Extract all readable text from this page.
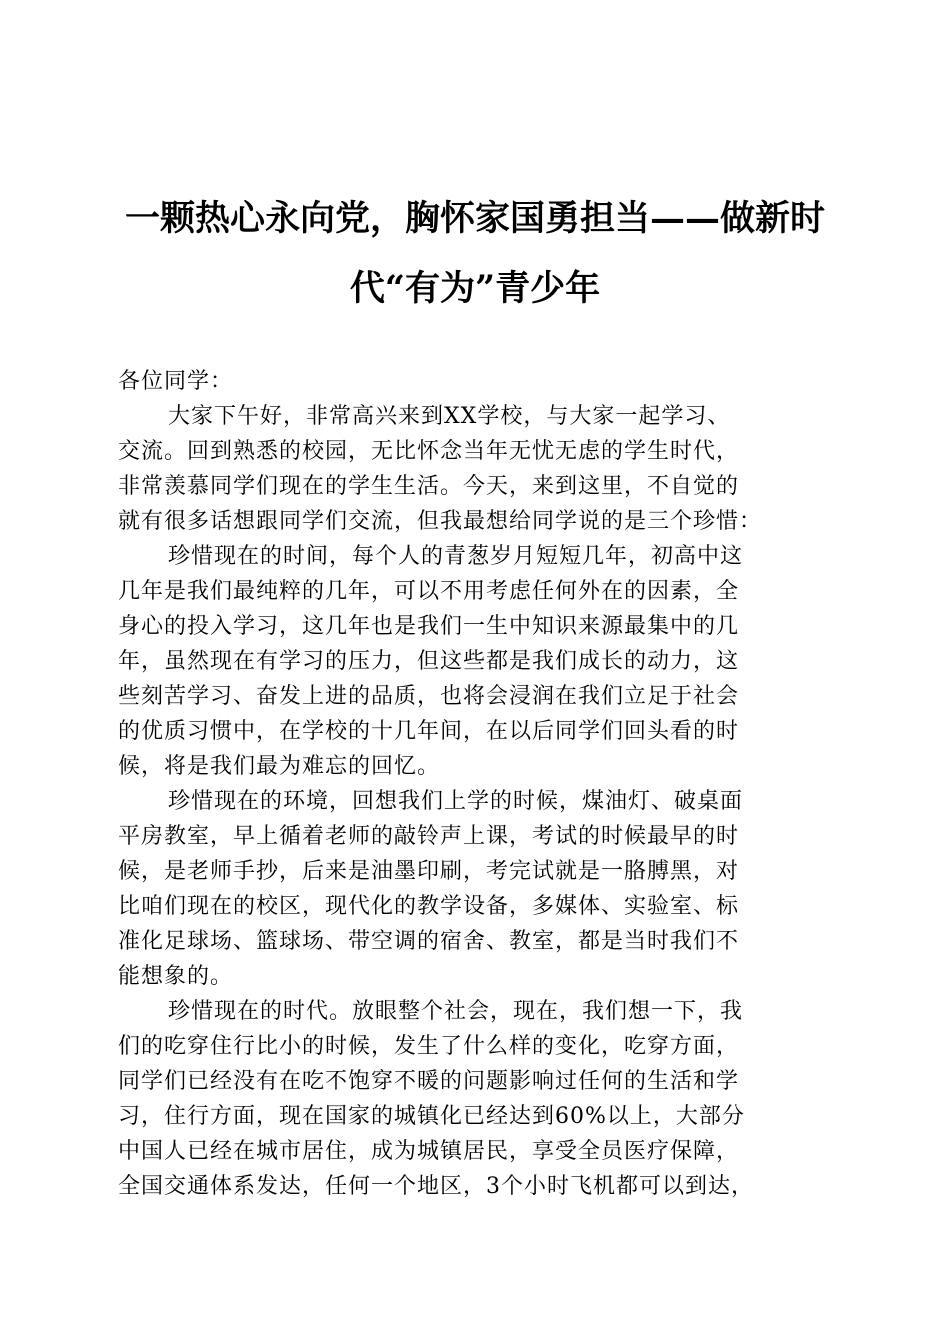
一颗热心永向党，胸怀家国勇担当——做新时
代“有为”青少年
各位同学：
大家下午好，非常高兴来到XX学校，与大家一起学习、
交流。回到熟悉的校园，无比怀念当年无忧无虑的学生时代，
非常羡慕同学们现在的学生生活。今天，来到这里，不自觉的
就有很多话想跟同学们交流，但我最想给同学说的是三个珍惜：
珍惜现在的时间，每个人的青葱岁月短短几年，初高中这
几年是我们最纯粹的几年，可以不用考虑任何外在的因素，全
身心的投入学习，这几年也是我们一生中知识来源最集中的几
年，虽然现在有学习的压力，但这些都是我们成长的动力，这
些刻苦学习、奋发上进的品质，也将会浸润在我们立足于社会
的优质习惯中，在学校的十几年间，在以后同学们回头看的时
候，将是我们最为难忘的回忆。
珍惜现在的环境，回想我们上学的时候，煤油灯、破桌面
平房教室，早上循着老师的敲铃声上课，考试的时候最早的时
候，是老师手抄，后来是油墨印刷，考完试就是一胳膊黑，对
比咱们现在的校区，现代化的教学设备，多媒体、实验室、标
准化足球场、篮球场、带空调的宿舍、教室，都是当时我们不
能想象的。
珍惜现在的时代。放眼整个社会，现在，我们想一下，我
们的吃穿住行比小的时候，发生了什么样的变化，吃穿方面，
同学们已经没有在吃不饱穿不暖的问题影响过任何的生活和学
习，住行方面，现在国家的城镇化已经达到60%以上，大部分
中国人已经在城市居住，成为城镇居民，享受全员医疗保障，
全国交通体系发达，任何一个地区，3个小时飞机都可以到达，
